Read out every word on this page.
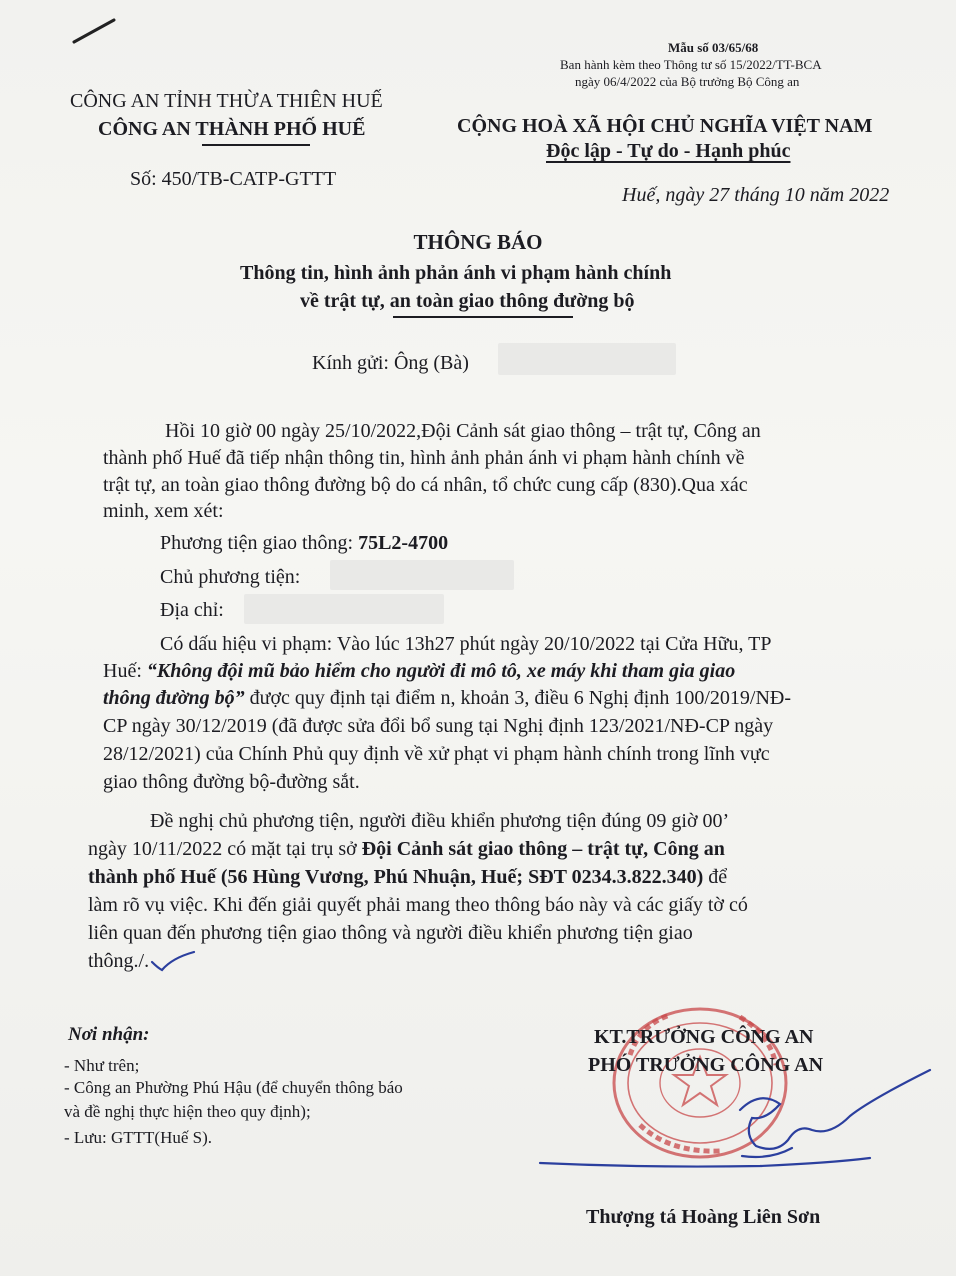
Mẫu số 03/65/68
Ban hành kèm theo Thông tư số 15/2022/TT-BCA
ngày 06/4/2022 của Bộ trưởng Bộ Công an
CÔNG AN TỈNH THỪA THIÊN HUẾ
CÔNG AN THÀNH PHỐ HUẾ	CỘNG HOÀ XÃ HỘI CHỦ NGHĨA VIỆT NAM
Độc lập - Tự do - Hạnh phúc
Số: 450/TB-CATP-GTTT
Huế, ngày 27 tháng 10 năm 2022
THÔNG BÁO
Thông tin, hình ảnh phản ánh vi phạm hành chính
về trật tự, an toàn giao thông đường bộ
Kính gửi: Ông (Bà)
Hồi 10 giờ 00 ngày 25/10/2022,Đội Cảnh sát giao thông – trật tự, Công an
thành phố Huế đã tiếp nhận thông tin, hình ảnh phản ánh vi phạm hành chính về
trật tự, an toàn giao thông đường bộ do cá nhân, tổ chức cung cấp (830).Qua xác
minh, xem xét:
Phương tiện giao thông: 75L2-4700
Chủ phương tiện:
Địa chỉ:
Có dấu hiệu vi phạm: Vào lúc 13h27 phút ngày 20/10/2022 tại Cửa Hữu, TP
Huế: “Không đội mũ bảo hiểm cho người đi mô tô, xe máy khi tham gia giao
thông đường bộ” được quy định tại điểm n, khoản 3, điều 6 Nghị định 100/2019/NĐ-
CP ngày 30/12/2019 (đã được sửa đổi bổ sung tại Nghị định 123/2021/NĐ-CP ngày
28/12/2021) của Chính Phủ quy định về xử phạt vi phạm hành chính trong lĩnh vực
giao thông đường bộ-đường sắt.
Đề nghị chủ phương tiện, người điều khiển phương tiện đúng 09 giờ 00’
ngày 10/11/2022 có mặt tại trụ sở Đội Cảnh sát giao thông – trật tự, Công an
thành phố Huế (56 Hùng Vương, Phú Nhuận, Huế; SĐT 0234.3.822.340) để
làm rõ vụ việc. Khi đến giải quyết phải mang theo thông báo này và các giấy tờ có
liên quan đến phương tiện giao thông và người điều khiển phương tiện giao
thông./.
Nơi nhận:
- Như trên;
- Công an Phường Phú Hậu (để chuyển thông báo
và đề nghị thực hiện theo quy định);
- Lưu: GTTT(Huế S).
KT.TRƯỞNG CÔNG AN
PHÓ TRƯỞNG CÔNG AN
Thượng tá Hoàng Liên Sơn
